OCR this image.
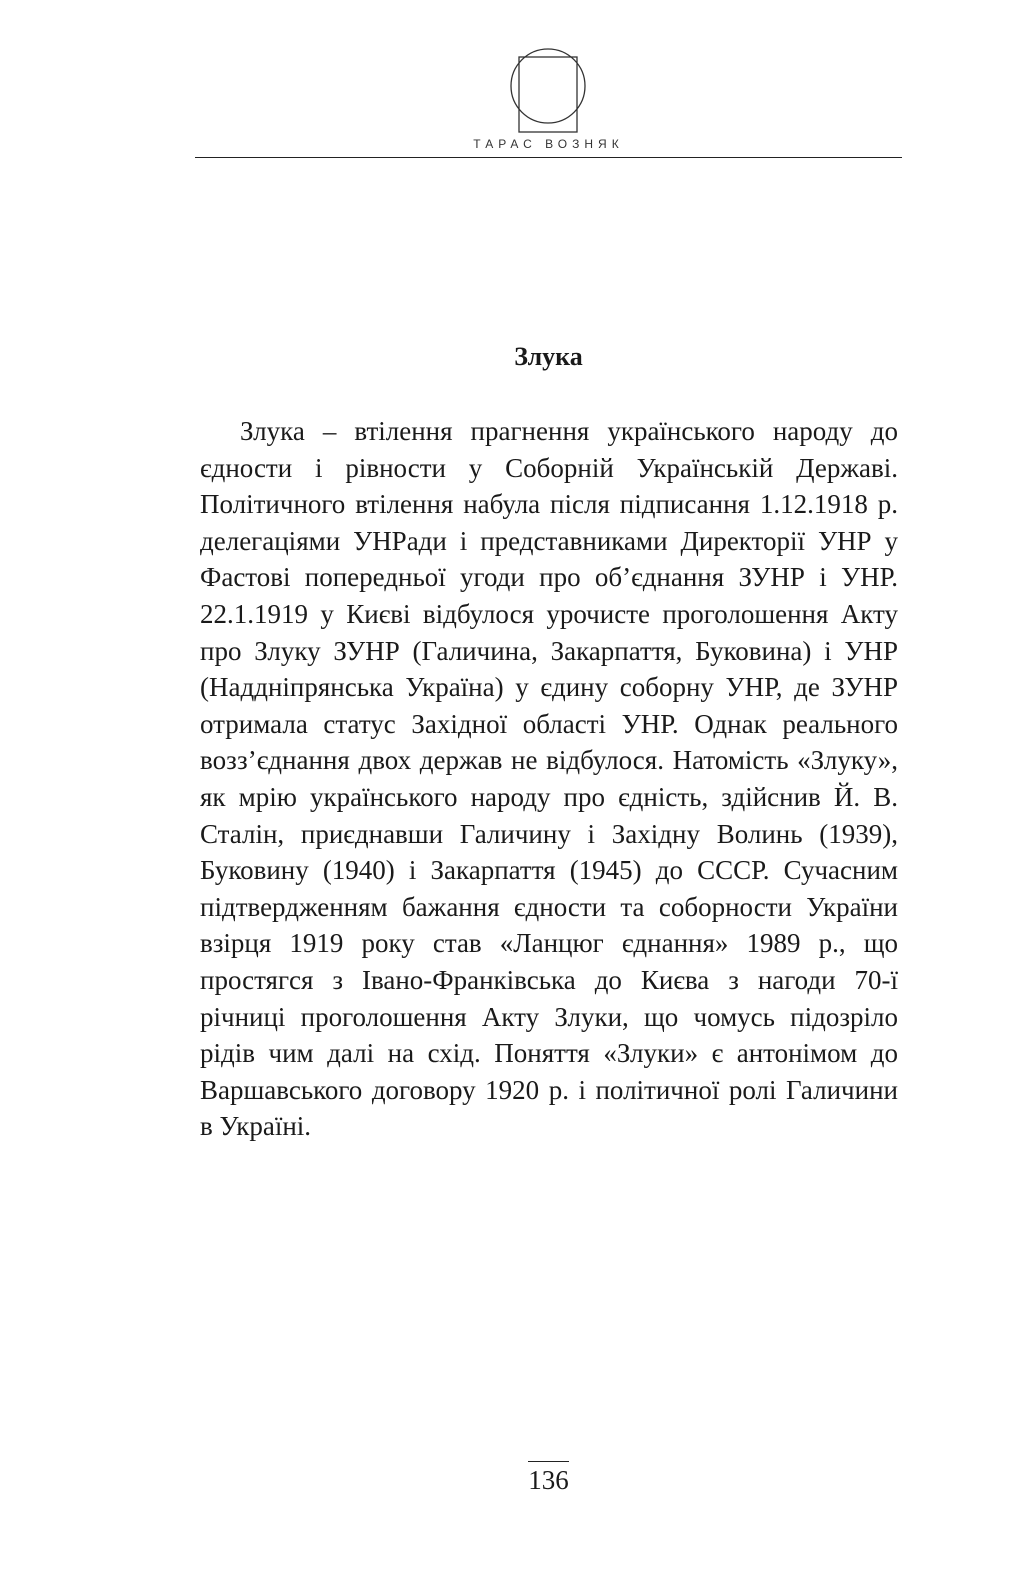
ТАРАС ВОЗНЯК
Злука

Злука – втілення прагнення українського народу до єдности і рівности у Соборній Українській Державі. Політичного втілення набула після підписання 1.12.1918 р. делегаціями УНРади і представниками Директорії УНР у Фастові попередньої угоди про об’єднання ЗУНР і УНР. 22.1.1919 у Києві відбулося урочисте проголошення Акту про Злуку ЗУНР (Галичина, Закарпаття, Буковина) і УНР (Наддніпрянська Україна) у єдину соборну УНР, де ЗУНР отримала статус Західної області УНР. Однак реального возз’єднання двох держав не відбулося. Натомість «Злуку», як мрію українського народу про єдність, здійснив Й. В. Сталін, приєднавши Галичину і Західну Волинь (1939), Буковину (1940) і Закарпаття (1945) до СССР. Сучасним підтвердженням бажання єдности та соборности України взірця 1919 року став «Ланцюг єднання» 1989 р., що простягся з Івано-Франківська до Києва з нагоди 70-ї річниці проголошення Акту Злуки, що чомусь підозріло рідів чим далі на схід. Поняття «Злуки» є антонімом до Варшавського договору 1920 р. і політичної ролі Галичини в Україні.

136
